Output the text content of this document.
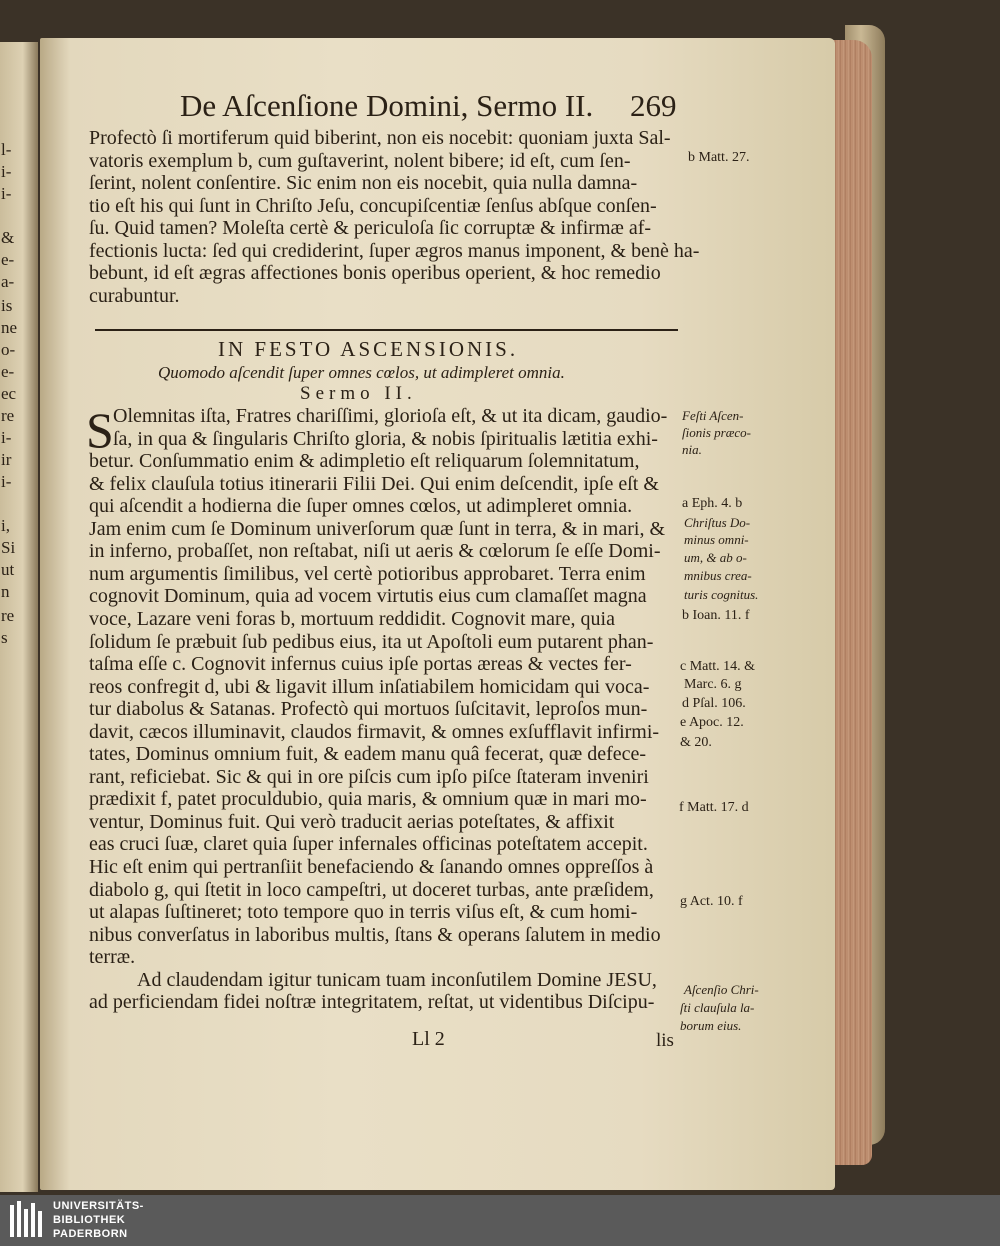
l-
i-
i-
&
e-
a-
is
ne
o-
e-
ec
re
i-
ir
i-
i,
Si
ut
n
re
s
De Aſcenſione Domini, Sermo II. 269
Profectò ſi mortiferum quid biberint, non eis nocebit: quoniam juxta Sal-
vatoris exemplum b, cum guſtaverint, nolent bibere; id eſt, cum ſen-
ſerint, nolent conſentire. Sic enim non eis nocebit, quia nulla damna-
tio eſt his qui ſunt in Chriſto Jeſu, concupiſcentiæ ſenſus abſque conſen-
ſu. Quid tamen? Moleſta certè & periculoſa ſic corruptæ & infirmæ af-
fectionis lucta: ſed qui crediderint, ſuper ægros manus imponent, & benè ha-
bebunt, id eſt ægras affectiones bonis operibus operient, & hoc remedio
curabuntur.
IN FESTO ASCENSIONIS.
Quomodo aſcendit ſuper omnes cœlos, ut adimpleret omnia.
Sermo II.
S Olemnitas iſta, Fratres chariſſimi, glorioſa eſt, & ut ita dicam, gaudio-
ſa, in qua & ſingularis Chriſto gloria, & nobis ſpiritualis lætitia exhi-
betur. Conſummatio enim & adimpletio eſt reliquarum ſolemnitatum,
& felix clauſula totius itinerarii Filii Dei. Qui enim deſcendit, ipſe eſt &
qui aſcendit a hodierna die ſuper omnes cœlos, ut adimpleret omnia.
Jam enim cum ſe Dominum univerſorum quæ ſunt in terra, & in mari, &
in inferno, probaſſet, non reſtabat, niſi ut aeris & cœlorum ſe eſſe Domi-
num argumentis ſimilibus, vel certè potioribus approbaret. Terra enim
cognovit Dominum, quia ad vocem virtutis eius cum clamaſſet magna
voce, Lazare veni foras b, mortuum reddidit. Cognovit mare, quia
ſolidum ſe præbuit ſub pedibus eius, ita ut Apoſtoli eum putarent phan-
taſma eſſe c. Cognovit infernus cuius ipſe portas æreas & vectes fer-
reos confregit d, ubi & ligavit illum inſatiabilem homicidam qui voca-
tur diabolus & Satanas. Profectò qui mortuos ſuſcitavit, leproſos mun-
davit, cæcos illuminavit, claudos firmavit, & omnes exſufflavit infirmi-
tates, Dominus omnium fuit, & eadem manu quâ fecerat, quæ defece-
rant, reficiebat. Sic & qui in ore piſcis cum ipſo piſce ſtateram inveniri
prædixit f, patet proculdubio, quia maris, & omnium quæ in mari mo-
ventur, Dominus fuit. Qui verò traducit aerias poteſtates, & affixit
eas cruci ſuæ, claret quia ſuper infernales officinas poteſtatem accepit.
Hic eſt enim qui pertranſiit benefaciendo & ſanando omnes oppreſſos à
diabolo g, qui ſtetit in loco campeſtri, ut doceret turbas, ante præſidem,
ut alapas ſuſtineret; toto tempore quo in terris viſus eſt, & cum homi-
nibus converſatus in laboribus multis, ſtans & operans ſalutem in medio
terræ.
Ad claudendam igitur tunicam tuam inconſutilem Domine JESU,
ad perficiendam fidei noſtræ integritatem, reſtat, ut videntibus Diſcipu-
Ll 2	lis
b Matt. 27.
Feſti Aſcen-
ſionis præco-
nia.
a Eph. 4. b
Chriſtus Do-
minus omni-
um, & ab o-
mnibus crea-
turis cognitus.
b Ioan. 11. f
c Matt. 14. &
Marc. 6. g
d Pſal. 106.
e Apoc. 12.
& 20.
f Matt. 17. d
g Act. 10. f
Aſcenſio Chri-
ſti clauſula la-
borum eius.
UNIVERSITÄTS-
BIBLIOTHEK
PADERBORN
